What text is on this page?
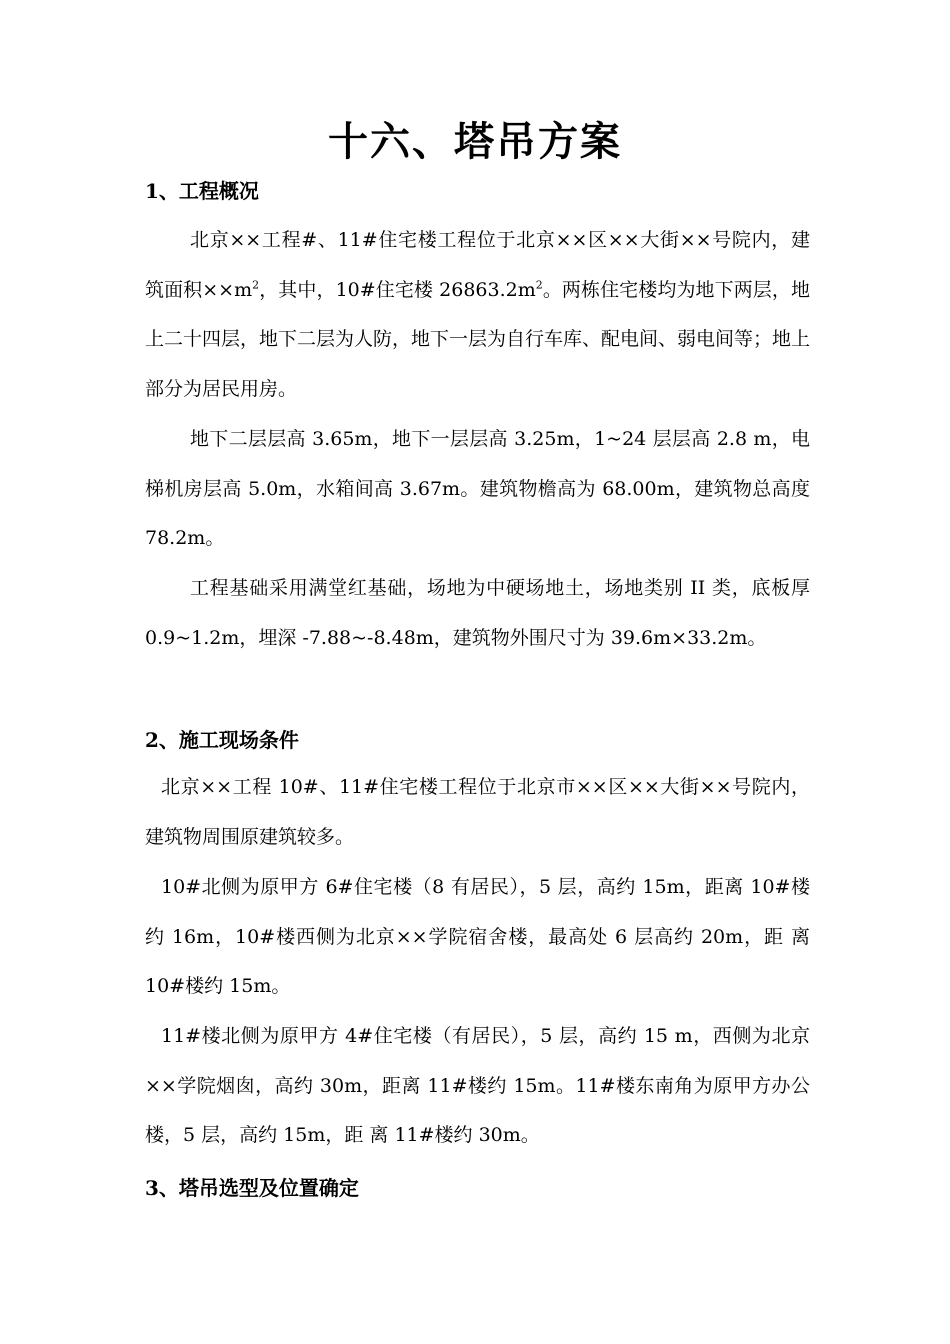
十六、塔吊方案
1、工程概况
北京××工程#、11#住宅楼工程位于北京××区××大街××号院内，建筑面积$\times\times m^2$，其中，10#住宅楼 $26863.2m^2$。两栋住宅楼均为地下两层，地上二十四层，地下二层为人防，地下一层为自行车库、配电间、弱电间等；地上部分为居民用房。
地下二层层高 3.65m，地下一层层高 3.25m，1~24 层层高 2.8 m，电梯机房层高 5.0m，水箱间高 3.67m。建筑物檐高为 68.00m，建筑物总高度 78.2m。
工程基础采用满堂红基础，场地为中硬场地土，场地类别 II 类，底板厚 0.9~1.2m，埋深 -7.88~-8.48m，建筑物外围尺寸为 39.6m×33.2m。
2、施工现场条件
北京××工程 10#、11#住宅楼工程位于北京市××区××大街××号院内，建筑物周围原建筑较多。
10#北侧为原甲方 6#住宅楼（8 有居民），5 层，高约 15m，距离 10#楼约 16m，10#楼西侧为北京××学院宿舍楼，最高处 6 层高约 20m，距 离 10#楼约 15m。
11#楼北侧为原甲方 4#住宅楼（有居民），5 层，高约 15 m，西侧为北京××学院烟囱，高约 30m，距离 11#楼约 15m。11#楼东南角为原甲方办公楼，5 层，高约 15m，距 离 11#楼约 30m。
3、塔吊选型及位置确定
